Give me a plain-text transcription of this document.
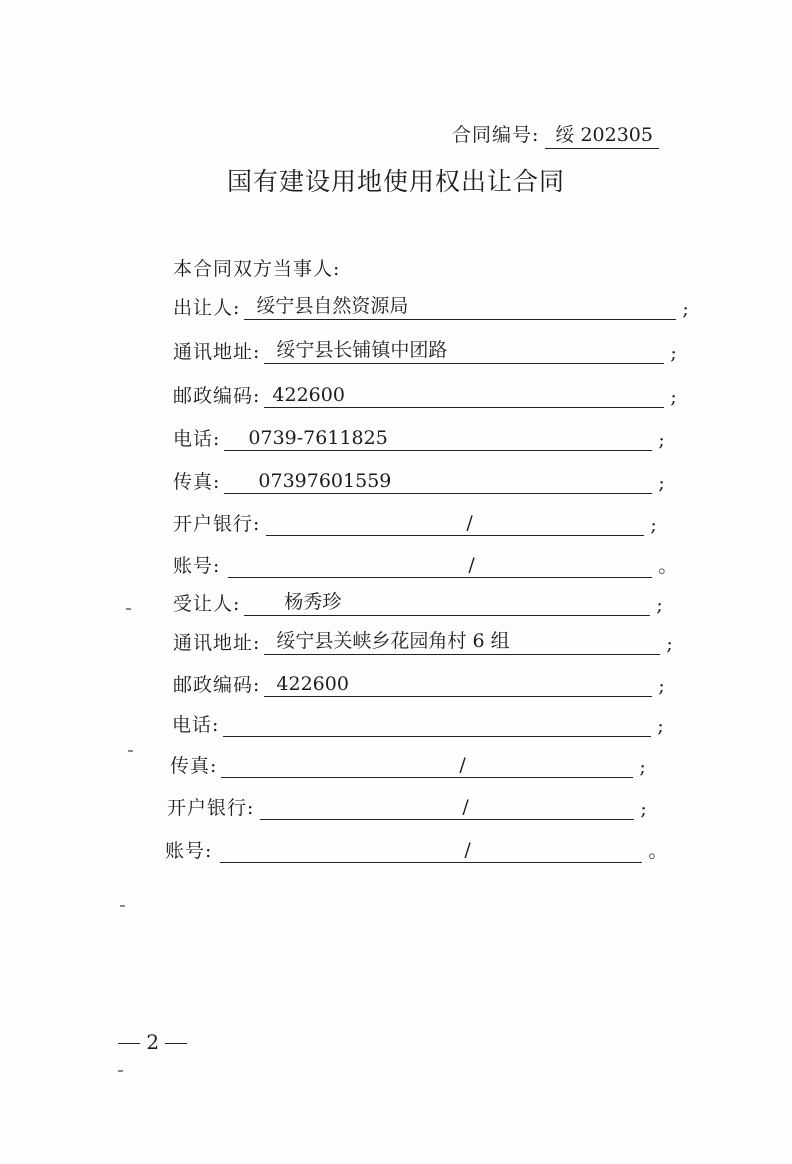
合同编号: 绥 202305
国有建设用地使用权出让合同
本合同双方当事人:
出让人: 绥宁县自然资源局	;
通讯地址: 绥宁县长铺镇中团路	;
邮政编码: 422600	;
电话: 0739-7611825	;
传真: 07397601559	;
开户银行:	/	;
账号:	/	。
受让人: 杨秀珍	;
通讯地址: 绥宁县关峡乡花园角村 6 组	;
邮政编码: 422600	;
电话:	;
传真:	/	;
开户银行:	/	;
账号:	/	。
2
